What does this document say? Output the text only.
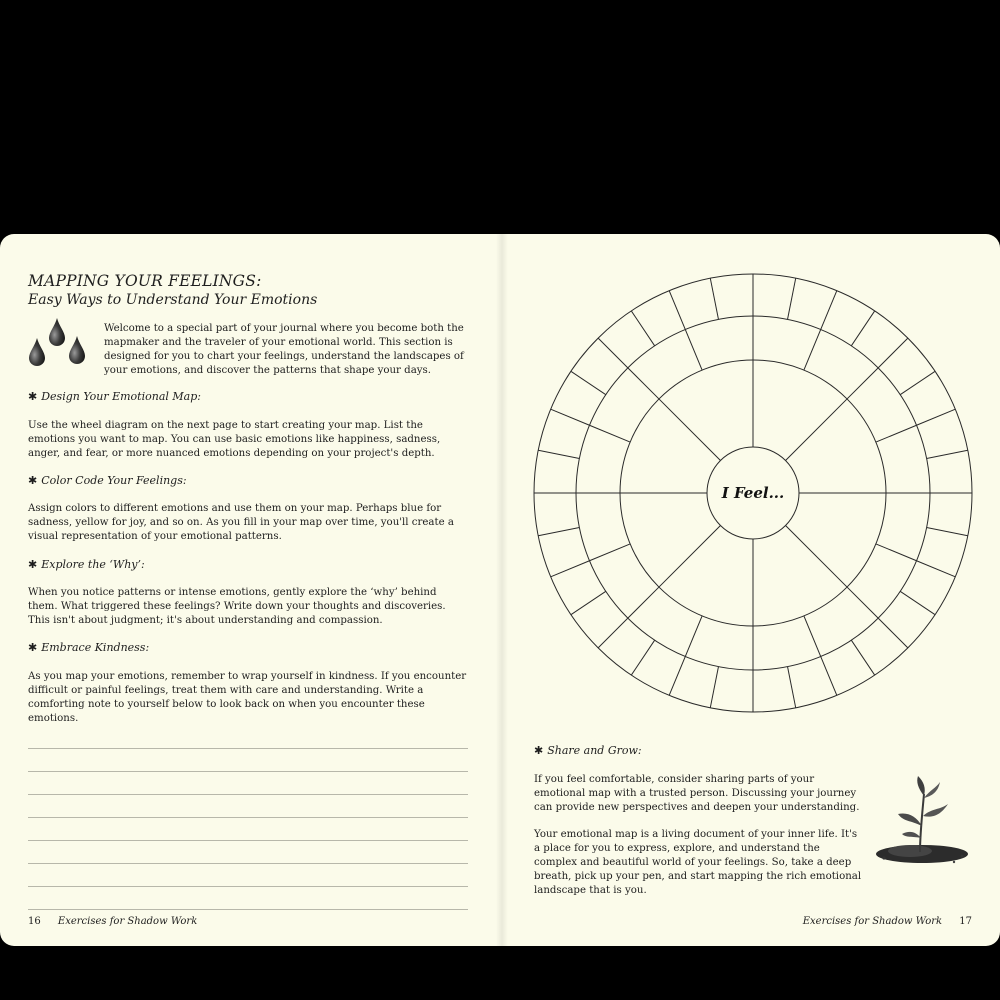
MAPPING YOUR FEELINGS:
Easy Ways to Understand Your Emotions
Welcome to a special part of your journal where you become both the mapmaker and the traveler of your emotional world. This section is designed for you to chart your feelings, understand the landscapes of your emotions, and discover the patterns that shape your days.
✱ Design Your Emotional Map:
Use the wheel diagram on the next page to start creating your map. List the emotions you want to map. You can use basic emotions like happiness, sadness, anger, and fear, or more nuanced emotions depending on your project's depth.
✱ Color Code Your Feelings:
Assign colors to different emotions and use them on your map. Perhaps blue for sadness, yellow for joy, and so on. As you fill in your map over time, you'll create a visual representation of your emotional patterns.
✱ Explore the ‘Why’:
When you notice patterns or intense emotions, gently explore the ‘why’ behind them. What triggered these feelings? Write down your thoughts and discoveries. This isn't about judgment; it's about understanding and compassion.
✱ Embrace Kindness:
As you map your emotions, remember to wrap yourself in kindness. If you encounter difficult or painful feelings, treat them with care and understanding. Write a comforting note to yourself below to look back on when you encounter these emotions.
16 Exercises for Shadow Work
I Feel...
✱ Share and Grow:
If you feel comfortable, consider sharing parts of your emotional map with a trusted person. Discussing your journey can provide new perspectives and deepen your understanding.
Your emotional map is a living document of your inner life. It's a place for you to express, explore, and understand the complex and beautiful world of your feelings. So, take a deep breath, pick up your pen, and start mapping the rich emotional landscape that is you.
Exercises for Shadow Work 17
